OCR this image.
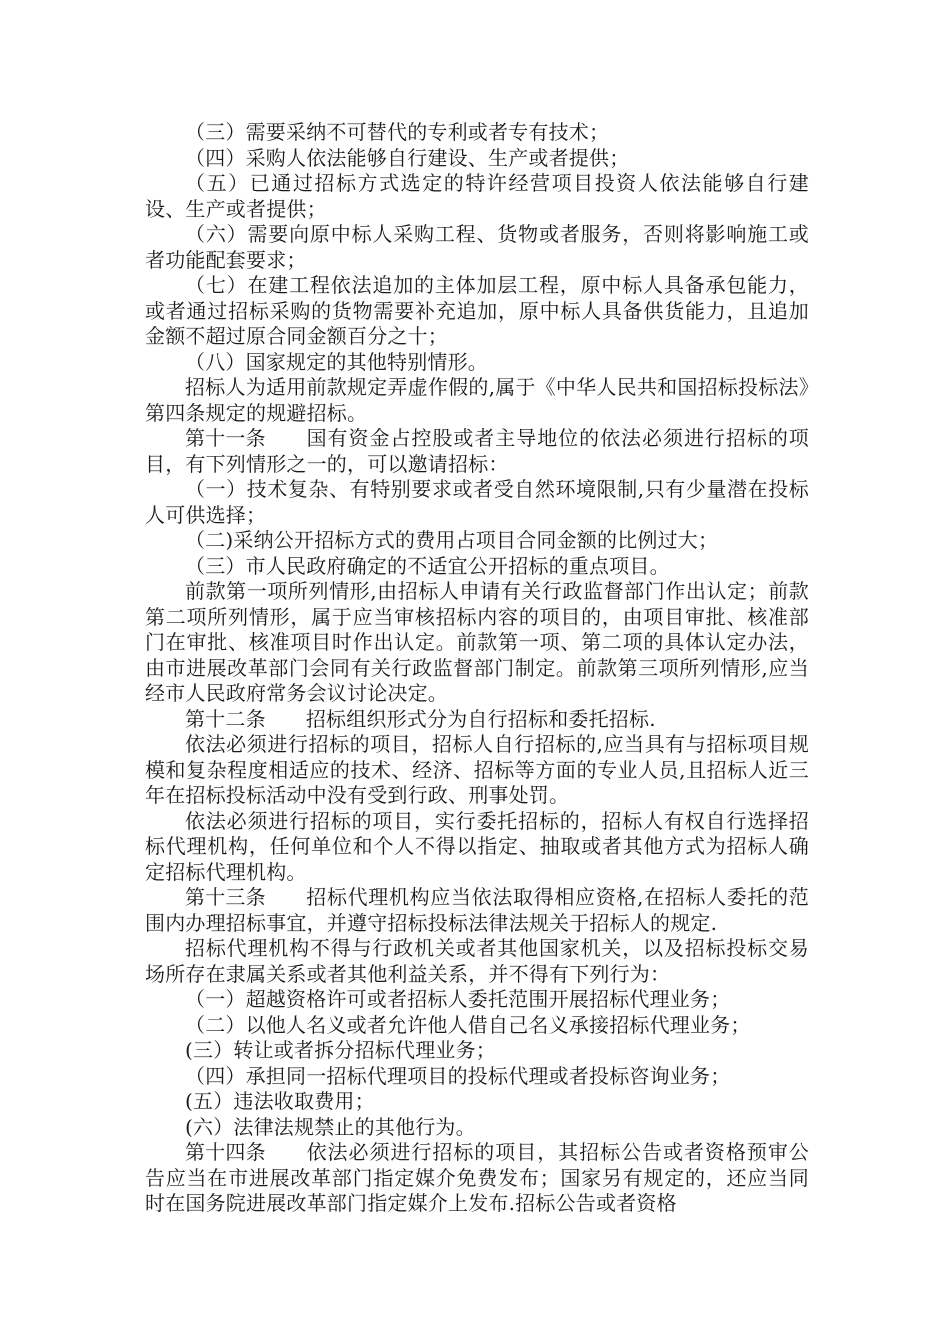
（三）需要采纳不可替代的专利或者专有技术；

（四）采购人依法能够自行建设、生产或者提供；

（五）已通过招标方式选定的特许经营项目投资人依法能够自行建设、生产或者提供；

（六）需要向原中标人采购工程、货物或者服务，否则将影响施工或者功能配套要求；

（七）在建工程依法追加的主体加层工程，原中标人具备承包能力，或者通过招标采购的货物需要补充追加，原中标人具备供货能力，且追加金额不超过原合同金额百分之十；

（八）国家规定的其他特别情形。

招标人为适用前款规定弄虚作假的,属于《中华人民共和国招标投标法》第四条规定的规避招标。

第十一条 国有资金占控股或者主导地位的依法必须进行招标的项目，有下列情形之一的，可以邀请招标：

（一）技术复杂、有特别要求或者受自然环境限制,只有少量潜在投标人可供选择；

（二)采纳公开招标方式的费用占项目合同金额的比例过大；

（三）市人民政府确定的不适宜公开招标的重点项目。

前款第一项所列情形,由招标人申请有关行政监督部门作出认定；前款第二项所列情形，属于应当审核招标内容的项目的，由项目审批、核准部门在审批、核准项目时作出认定。前款第一项、第二项的具体认定办法，由市进展改革部门会同有关行政监督部门制定。前款第三项所列情形,应当经市人民政府常务会议讨论决定。

第十二条 招标组织形式分为自行招标和委托招标.

依法必须进行招标的项目，招标人自行招标的,应当具有与招标项目规模和复杂程度相适应的技术、经济、招标等方面的专业人员,且招标人近三年在招标投标活动中没有受到行政、刑事处罚。

依法必须进行招标的项目，实行委托招标的，招标人有权自行选择招标代理机构，任何单位和个人不得以指定、抽取或者其他方式为招标人确定招标代理机构。

第十三条 招标代理机构应当依法取得相应资格,在招标人委托的范围内办理招标事宜，并遵守招标投标法律法规关于招标人的规定.

招标代理机构不得与行政机关或者其他国家机关，以及招标投标交易场所存在隶属关系或者其他利益关系，并不得有下列行为：

（一）超越资格许可或者招标人委托范围开展招标代理业务；

（二）以他人名义或者允许他人借自己名义承接招标代理业务；

(三）转让或者拆分招标代理业务；

（四）承担同一招标代理项目的投标代理或者投标咨询业务；

(五）违法收取费用；

(六）法律法规禁止的其他行为。

第十四条 依法必须进行招标的项目，其招标公告或者资格预审公告应当在市进展改革部门指定媒介免费发布；国家另有规定的，还应当同时在国务院进展改革部门指定媒介上发布.招标公告或者资格
